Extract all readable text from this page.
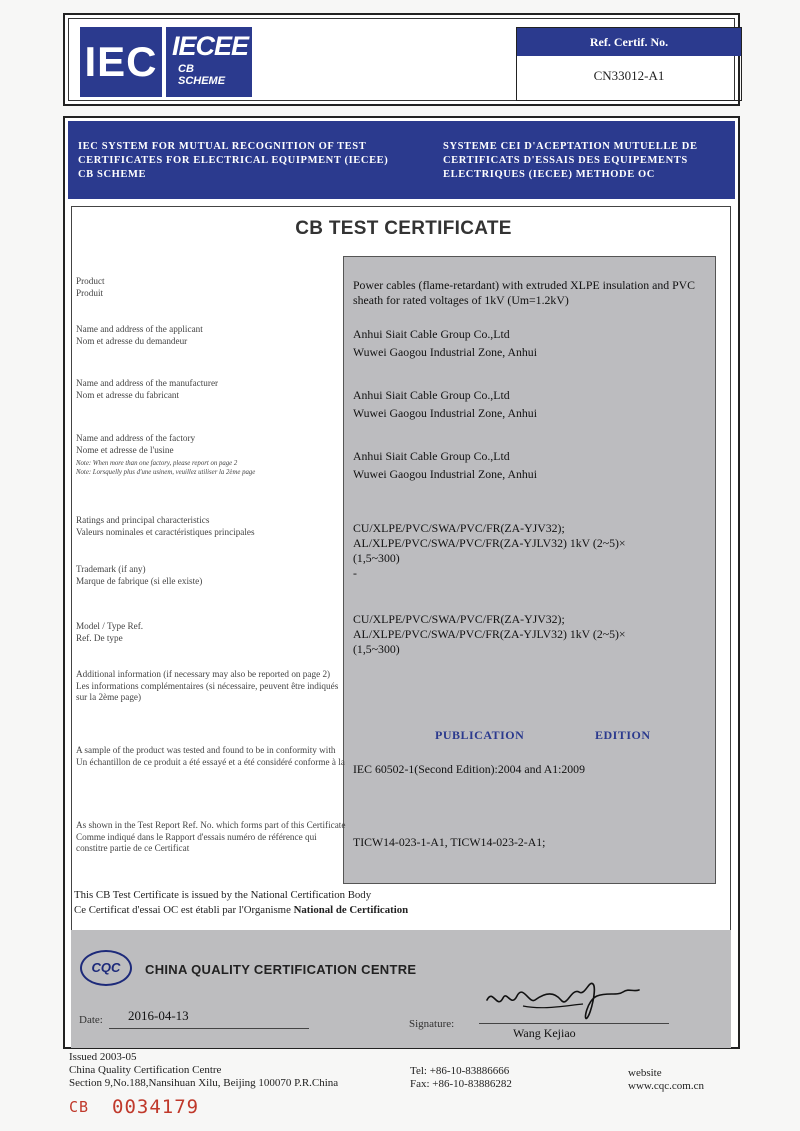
IEC IECEE
CB
SCHEME
Ref. Certif. No.
CN33012-A1
IEC SYSTEM FOR MUTUAL RECOGNITION OF TEST CERTIFICATES FOR ELECTRICAL EQUIPMENT (IECEE) CB SCHEME
SYSTEME CEI D'ACEPTATION MUTUELLE DE CERTIFICATS D'ESSAIS DES EQUIPEMENTS ELECTRIQUES (IECEE) METHODE OC
CB TEST CERTIFICATE
Product
Produit
Name and address of the applicant
Nom et adresse du demandeur
Name and address of the manufacturer
Nom et adresse du fabricant
Name and address of the factory
Nome et adresse de l'usine
Note: When more than one factory, please report on page 2
Note: Lorsquelly plus d'une usinem, veuillez utiliser la 2ème page
Ratings and principal characteristics
Valeurs nominales et caractéristiques principales
Trademark (if any)
Marque de fabrique (si elle existe)
Model / Type Ref.
Ref. De type
Additional information (if necessary may also be reported on page 2)
Les informations complémentaires (si nécessaire, peuvent être indiqués sur la 2ème page)
A sample of the product was tested and found to be in conformity with
Un échantillon de ce produit a été essayé et a été considéré conforme à la
As shown in the Test Report Ref. No. which forms part of this Certificate
Comme indiqué dans le Rapport d'essais numéro de référence qui constitre partie de ce Certificat
Power cables (flame-retardant) with extruded XLPE insulation and PVC sheath for rated voltages of 1kV (Um=1.2kV)
Anhui Siait Cable Group Co.,Ltd
Wuwei Gaogou Industrial Zone, Anhui
Anhui Siait Cable Group Co.,Ltd
Wuwei Gaogou Industrial Zone, Anhui
Anhui Siait Cable Group Co.,Ltd
Wuwei Gaogou Industrial Zone, Anhui
CU/XLPE/PVC/SWA/PVC/FR(ZA-YJV32);
AL/XLPE/PVC/SWA/PVC/FR(ZA-YJLV32) 1kV (2~5)×
(1,5~300)
-
CU/XLPE/PVC/SWA/PVC/FR(ZA-YJV32);
AL/XLPE/PVC/SWA/PVC/FR(ZA-YJLV32) 1kV (2~5)×
(1,5~300)
PUBLICATION	EDITION
IEC 60502-1(Second Edition):2004 and A1:2009
TICW14-023-1-A1, TICW14-023-2-A1;
This CB Test Certificate is issued by the National Certification Body
Ce Certificat d'essai OC est établi par l'Organisme National de Certification
CQC	CHINA QUALITY CERTIFICATION CENTRE
Date: 2016-04-13
Signature:
Wang Kejiao
Issued 2003-05
China Quality Certification Centre
Section 9,No.188,Nansihuan Xilu, Beijing 100070 P.R.China
Tel: +86-10-83886666
Fax: +86-10-83886282
website
www.cqc.com.cn
CB 0034179
